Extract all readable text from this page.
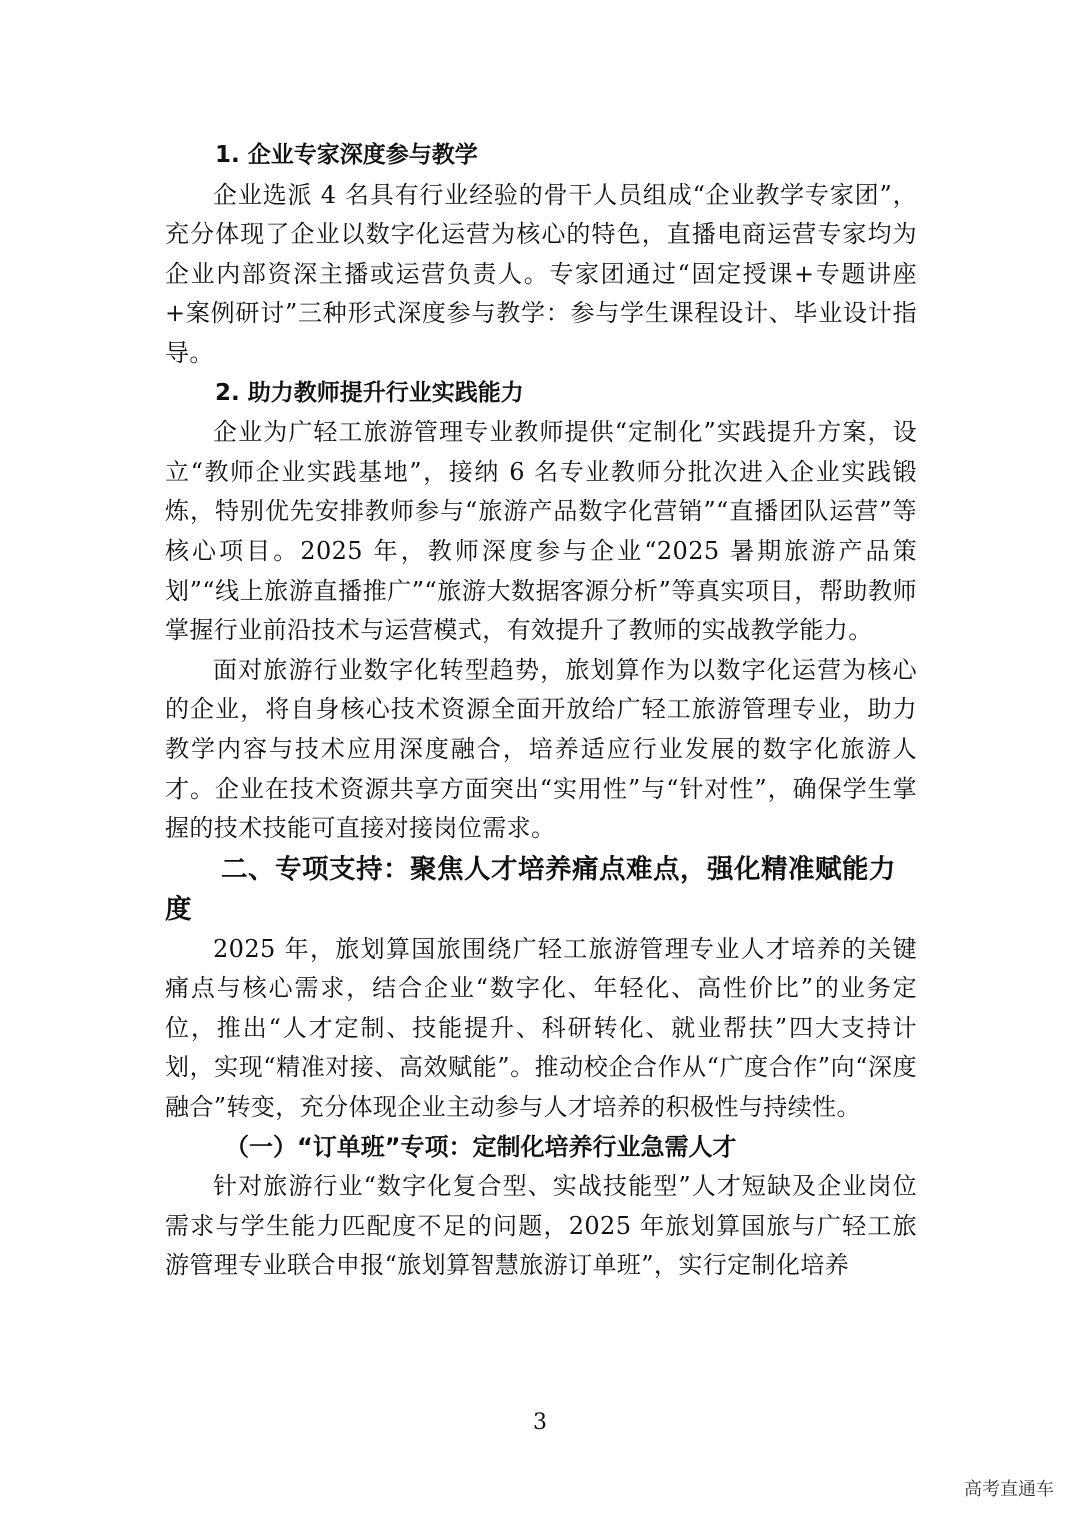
1. 企业专家深度参与教学

企业选派 4 名具有行业经验的骨干人员组成“企业教学专家团”，充分体现了企业以数字化运营为核心的特色，直播电商运营专家均为企业内部资深主播或运营负责人。专家团通过“固定授课+专题讲座+案例研讨”三种形式深度参与教学：参与学生课程设计、毕业设计指导。

2. 助力教师提升行业实践能力

企业为广轻工旅游管理专业教师提供“定制化”实践提升方案，设立“教师企业实践基地”，接纳 6 名专业教师分批次进入企业实践锻炼，特别优先安排教师参与“旅游产品数字化营销”“直播团队运营”等核心项目。2025 年，教师深度参与企业“2025 暑期旅游产品策划”“线上旅游直播推广”“旅游大数据客源分析”等真实项目，帮助教师掌握行业前沿技术与运营模式，有效提升了教师的实战教学能力。

面对旅游行业数字化转型趋势，旅划算作为以数字化运营为核心的企业，将自身核心技术资源全面开放给广轻工旅游管理专业，助力教学内容与技术应用深度融合，培养适应行业发展的数字化旅游人才。企业在技术资源共享方面突出“实用性”与“针对性”，确保学生掌握的技术技能可直接对接岗位需求。

二、专项支持：聚焦人才培养痛点难点，强化精准赋能力度

2025 年，旅划算国旅围绕广轻工旅游管理专业人才培养的关键痛点与核心需求，结合企业“数字化、年轻化、高性价比”的业务定位，推出“人才定制、技能提升、科研转化、就业帮扶”四大支持计划，实现“精准对接、高效赋能”。推动校企合作从“广度合作”向“深度融合”转变，充分体现企业主动参与人才培养的积极性与持续性。

（一）“订单班”专项：定制化培养行业急需人才

针对旅游行业“数字化复合型、实战技能型”人才短缺及企业岗位需求与学生能力匹配度不足的问题，2025 年旅划算国旅与广轻工旅游管理专业联合申报“旅划算智慧旅游订单班”，实行定制化培养

3
高考直通车
